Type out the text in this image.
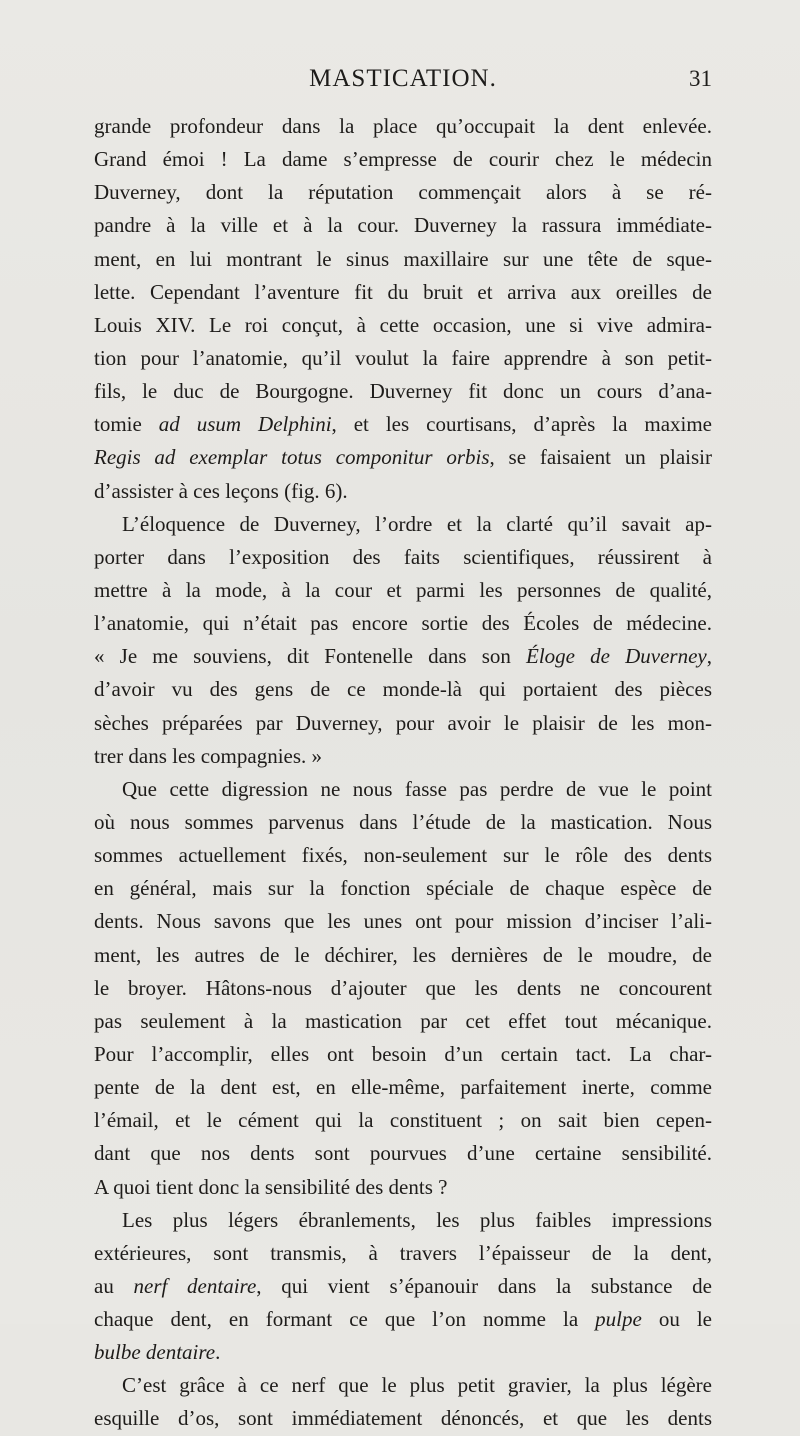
MASTICATION.	31
grande profondeur dans la place qu’occupait la dent enlevée.
Grand émoi ! La dame s’empresse de courir chez le médecin
Duverney, dont la réputation commençait alors à se ré-
pandre à la ville et à la cour. Duverney la rassura immédiate-
ment, en lui montrant le sinus maxillaire sur une tête de sque-
lette. Cependant l’aventure fit du bruit et arriva aux oreilles de
Louis XIV. Le roi conçut, à cette occasion, une si vive admira-
tion pour l’anatomie, qu’il voulut la faire apprendre à son petit-
fils, le duc de Bourgogne. Duverney fit donc un cours d’ana-
tomie ad usum Delphini, et les courtisans, d’après la maxime
Regis ad exemplar totus componitur orbis, se faisaient un plaisir
d’assister à ces leçons (fig. 6).
L’éloquence de Duverney, l’ordre et la clarté qu’il savait ap-
porter dans l’exposition des faits scientifiques, réussirent à
mettre à la mode, à la cour et parmi les personnes de qualité,
l’anatomie, qui n’était pas encore sortie des Écoles de médecine.
« Je me souviens, dit Fontenelle dans son Éloge de Duverney,
d’avoir vu des gens de ce monde-là qui portaient des pièces
sèches préparées par Duverney, pour avoir le plaisir de les mon-
trer dans les compagnies. »
Que cette digression ne nous fasse pas perdre de vue le point
où nous sommes parvenus dans l’étude de la mastication. Nous
sommes actuellement fixés, non-seulement sur le rôle des dents
en général, mais sur la fonction spéciale de chaque espèce de
dents. Nous savons que les unes ont pour mission d’inciser l’ali-
ment, les autres de le déchirer, les dernières de le moudre, de
le broyer. Hâtons-nous d’ajouter que les dents ne concourent
pas seulement à la mastication par cet effet tout mécanique.
Pour l’accomplir, elles ont besoin d’un certain tact. La char-
pente de la dent est, en elle-même, parfaitement inerte, comme
l’émail, et le cément qui la constituent ; on sait bien cepen-
dant que nos dents sont pourvues d’une certaine sensibilité.
A quoi tient donc la sensibilité des dents ?
Les plus légers ébranlements, les plus faibles impressions
extérieures, sont transmis, à travers l’épaisseur de la dent,
au nerf dentaire, qui vient s’épanouir dans la substance de
chaque dent, en formant ce que l’on nomme la pulpe ou le
bulbe dentaire.
C’est grâce à ce nerf que le plus petit gravier, la plus légère
esquille d’os, sont immédiatement dénoncés, et que les dents
